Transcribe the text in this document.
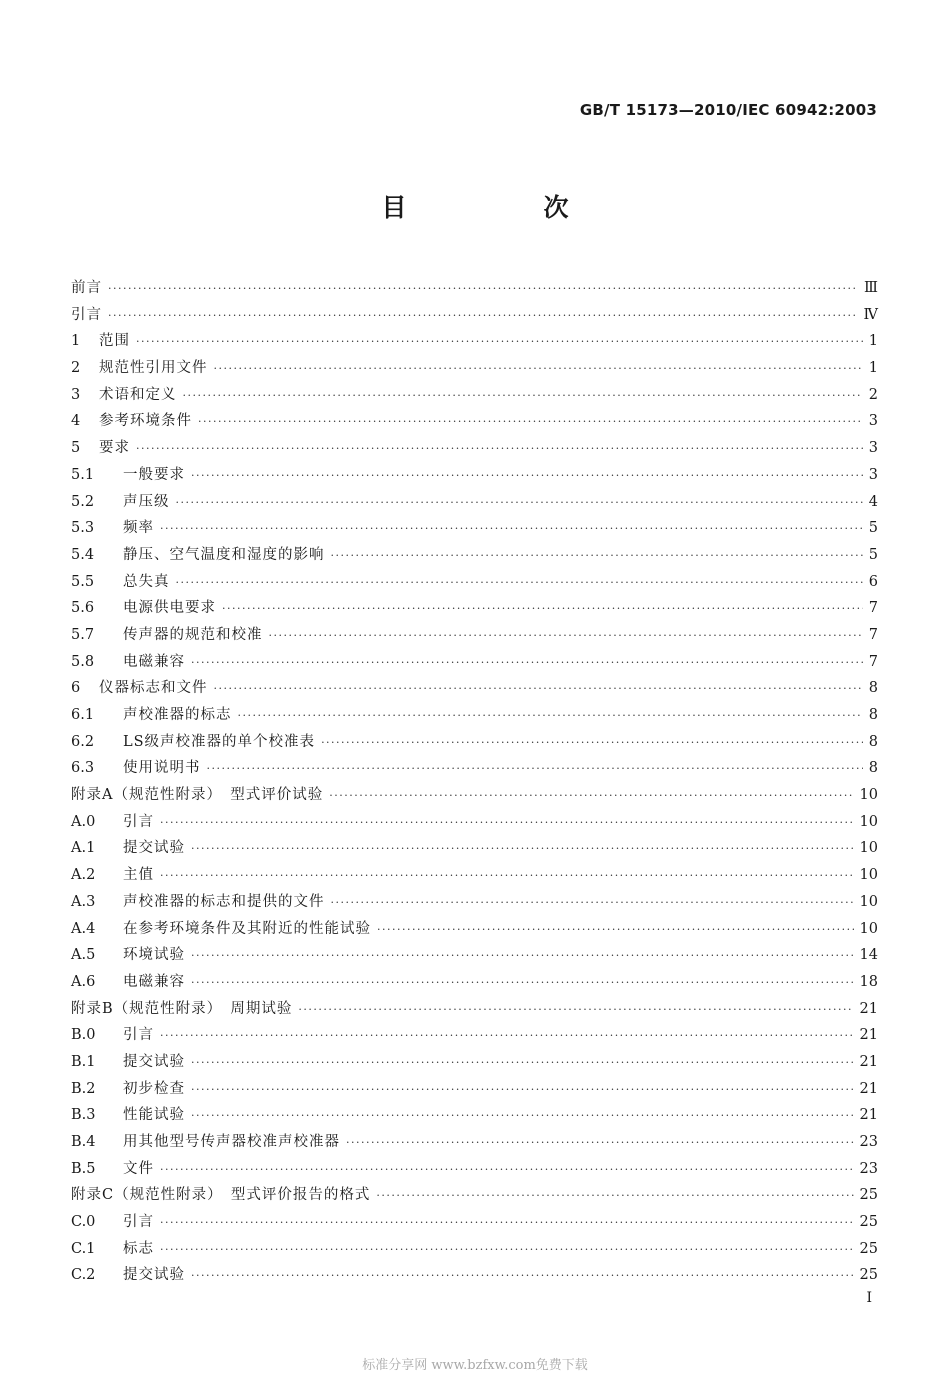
GB/T 15173—2010/IEC 60942:2003
目　次
前言 ·····	Ⅲ
引言 ·····	Ⅳ
1	范围 ·····	1
2	规范性引用文件 ·····	1
3	术语和定义 ·····	2
4	参考环境条件 ·····	3
5	要求 ·····	3
5.1	一般要求 ·····	3
5.2	声压级 ·····	4
5.3	频率 ·····	5
5.4	静压、空气温度和湿度的影响 ·····	5
5.5	总失真 ·····	6
5.6	电源供电要求 ·····	7
5.7	传声器的规范和校准 ·····	7
5.8	电磁兼容 ·····	7
6	仪器标志和文件 ·····	8
6.1	声校准器的标志 ·····	8
6.2	LS级声校准器的单个校准表 ·····	8
6.3	使用说明书 ·····	8
附录A（规范性附录）　型式评价试验 ·····	10
A.0	引言 ·····	10
A.1	提交试验 ·····	10
A.2	主值 ·····	10
A.3	声校准器的标志和提供的文件 ·····	10
A.4	在参考环境条件及其附近的性能试验 ·····	10
A.5	环境试验 ·····	14
A.6	电磁兼容 ·····	18
附录B（规范性附录）　周期试验 ·····	21
B.0	引言 ·····	21
B.1	提交试验 ·····	21
B.2	初步检查 ·····	21
B.3	性能试验 ·····	21
B.4	用其他型号传声器校准声校准器 ·····	23
B.5	文件 ·····	23
附录C（规范性附录）　型式评价报告的格式 ·····	25
C.0	引言 ·····	25
C.1	标志 ·····	25
C.2	提交试验 ·····	25
I
标准分享网 www.bzfxw.com免费下载
